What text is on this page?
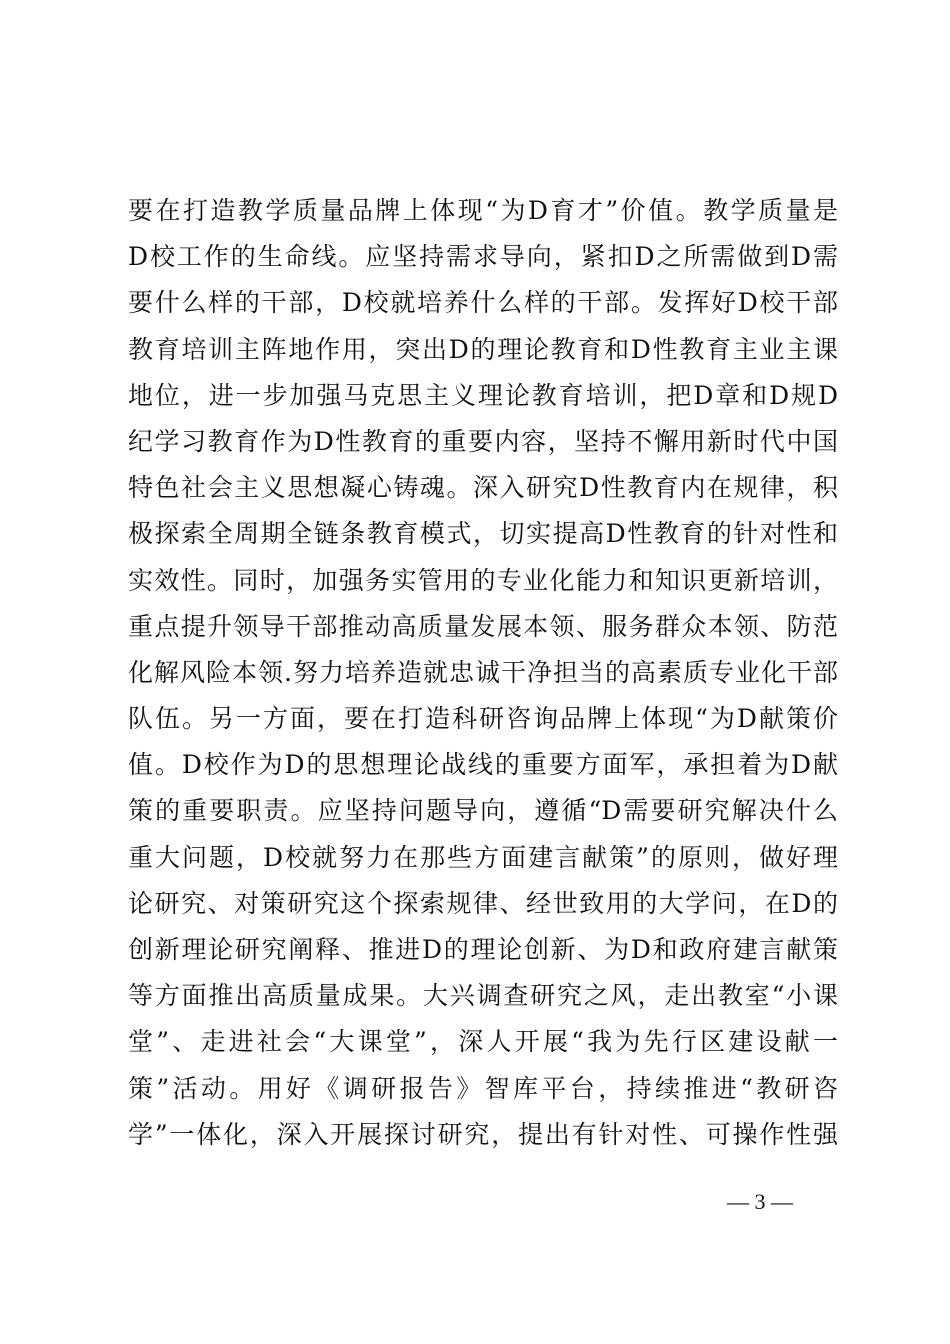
要在打造教学质量品牌上体现“为D育才”价值。教学质量是
D校工作的生命线。应坚持需求导向，紧扣D之所需做到D需
要什么样的干部，D校就培养什么样的干部。发挥好D校干部
教育培训主阵地作用，突出D的理论教育和D性教育主业主课
地位，进一步加强马克思主义理论教育培训，把D章和D规D
纪学习教育作为D性教育的重要内容，坚持不懈用新时代中国
特色社会主义思想凝心铸魂。深入研究D性教育内在规律，积
极探索全周期全链条教育模式，切实提高D性教育的针对性和
实效性。同时，加强务实管用的专业化能力和知识更新培训，
重点提升领导干部推动高质量发展本领、服务群众本领、防范
化解风险本领.努力培养造就忠诚干净担当的高素质专业化干部
队伍。另一方面，要在打造科研咨询品牌上体现“为D献策价
值。D校作为D的思想理论战线的重要方面军，承担着为D献
策的重要职责。应坚持问题导向，遵循“D需要研究解决什么
重大问题，D校就努力在那些方面建言献策”的原则，做好理
论研究、对策研究这个探索规律、经世致用的大学问，在D的
创新理论研究阐释、推进D的理论创新、为D和政府建言献策
等方面推出高质量成果。大兴调查研究之风，走出教室“小课
堂”、走进社会“大课堂”，深人开展“我为先行区建设献一
策”活动。用好《调研报告》智库平台，持续推进“教研咨
学”一体化，深入开展探讨研究，提出有针对性、可操作性强
— 3 —
